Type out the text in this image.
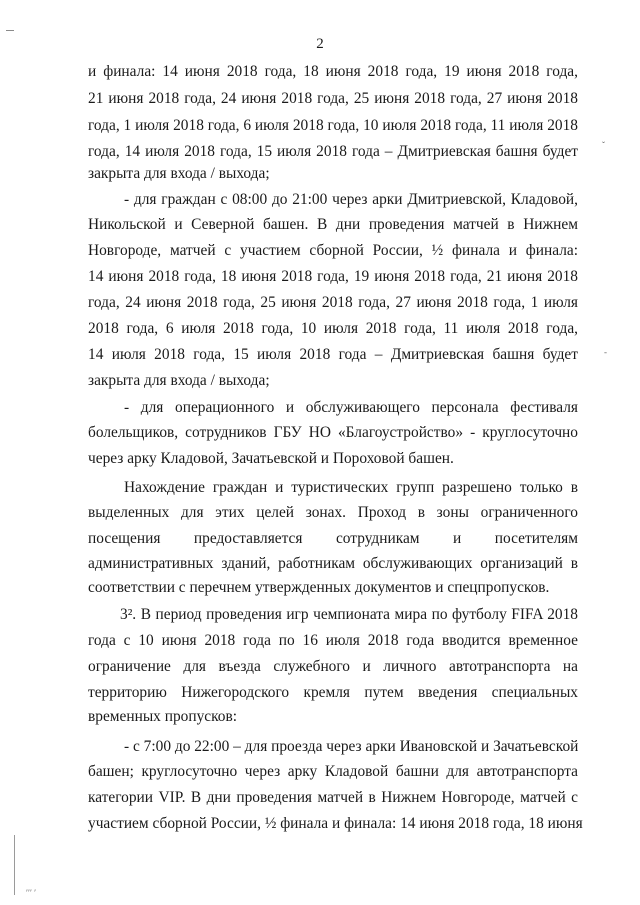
2
и финала: 14 июня 2018 года, 18 июня 2018 года, 19 июня 2018 года,
21 июня 2018 года, 24 июня 2018 года, 25 июня 2018 года, 27 июня 2018
года, 1 июля 2018 года, 6 июля 2018 года, 10 июля 2018 года, 11 июля 2018
года, 14 июля 2018 года, 15 июля 2018 года – Дмитриевская башня будет
закрыта для входа / выхода;
- для граждан с 08:00 до 21:00 через арки Дмитриевской, Кладовой,
Никольской и Северной башен. В дни проведения матчей в Нижнем
Новгороде, матчей с участием сборной России, ½ финала и финала:
14 июня 2018 года, 18 июня 2018 года, 19 июня 2018 года, 21 июня 2018
года, 24 июня 2018 года, 25 июня 2018 года, 27 июня 2018 года, 1 июля
2018 года, 6 июля 2018 года, 10 июля 2018 года, 11 июля 2018 года,
14 июля 2018 года, 15 июля 2018 года – Дмитриевская башня будет
закрыта для входа / выхода;
- для операционного и обслуживающего персонала фестиваля
болельщиков, сотрудников ГБУ НО «Благоустройство» - круглосуточно
через арку Кладовой, Зачатьевской и Пороховой башен.
Нахождение граждан и туристических групп разрешено только в
выделенных для этих целей зонах. Проход в зоны ограниченного
посещения предоставляется сотрудникам и посетителям
административных зданий, работникам обслуживающих организаций в
соответствии с перечнем утвержденных документов и спецпропусков.
3². В период проведения игр чемпионата мира по футболу FIFA 2018
года с 10 июня 2018 года по 16 июля 2018 года вводится временное
ограничение для въезда служебного и личного автотранспорта на
территорию Нижегородского кремля путем введения специальных
временных пропусков:
- с 7:00 до 22:00 – для проезда через арки Ивановской и Зачатьевской
башен; круглосуточно через арку Кладовой башни для автотранспорта
категории VIP. В дни проведения матчей в Нижнем Новгороде, матчей с
участием сборной России, ½ финала и финала: 14 июня 2018 года, 18 июня
-
ˇ
′′′ ′
